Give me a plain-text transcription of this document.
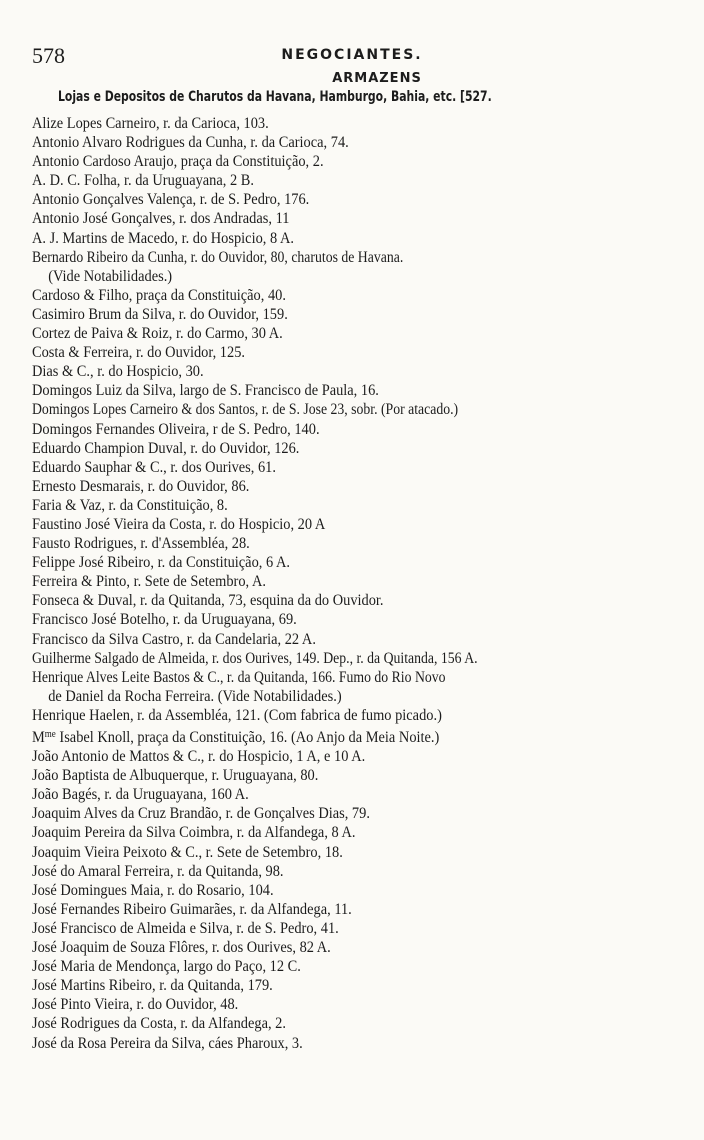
578	NEGOCIANTES.
ARMAZENS
Lojas e Depositos de Charutos da Havana, Hamburgo, Bahia, etc. [527.
Alize Lopes Carneiro, r. da Carioca, 103.
Antonio Alvaro Rodrigues da Cunha, r. da Carioca, 74.
Antonio Cardoso Araujo, praça da Constituição, 2.
A. D. C. Folha, r. da Uruguayana, 2 B.
Antonio Gonçalves Valença, r. de S. Pedro, 176.
Antonio José Gonçalves, r. dos Andradas, 11
A. J. Martins de Macedo, r. do Hospicio, 8 A.
Bernardo Ribeiro da Cunha, r. do Ouvidor, 80, charutos de Havana.
(Vide Notabilidades.)
Cardoso & Filho, praça da Constituição, 40.
Casimiro Brum da Silva, r. do Ouvidor, 159.
Cortez de Paiva & Roiz, r. do Carmo, 30 A.
Costa & Ferreira, r. do Ouvidor, 125.
Dias & C., r. do Hospicio, 30.
Domingos Luiz da Silva, largo de S. Francisco de Paula, 16.
Domingos Lopes Carneiro & dos Santos, r. de S. Jose 23, sobr. (Por atacado.)
Domingos Fernandes Oliveira, r de S. Pedro, 140.
Eduardo Champion Duval, r. do Ouvidor, 126.
Eduardo Sauphar & C., r. dos Ourives, 61.
Ernesto Desmarais, r. do Ouvidor, 86.
Faria & Vaz, r. da Constituição, 8.
Faustino José Vieira da Costa, r. do Hospicio, 20 A
Fausto Rodrigues, r. d'Assembléa, 28.
Felippe José Ribeiro, r. da Constituição, 6 A.
Ferreira & Pinto, r. Sete de Setembro, A.
Fonseca & Duval, r. da Quitanda, 73, esquina da do Ouvidor.
Francisco José Botelho, r. da Uruguayana, 69.
Francisco da Silva Castro, r. da Candelaria, 22 A.
Guilherme Salgado de Almeida, r. dos Ourives, 149. Dep., r. da Quitanda, 156 A.
Henrique Alves Leite Bastos & C., r. da Quitanda, 166. Fumo do Rio Novo
de Daniel da Rocha Ferreira. (Vide Notabilidades.)
Henrique Haelen, r. da Assembléa, 121. (Com fabrica de fumo picado.)
$M^{me}$ Isabel Knoll, praça da Constituição, 16. (Ao Anjo da Meia Noite.)
João Antonio de Mattos & C., r. do Hospicio, 1 A, e 10 A.
João Baptista de Albuquerque, r. Uruguayana, 80.
João Bagés, r. da Uruguayana, 160 A.
Joaquim Alves da Cruz Brandão, r. de Gonçalves Dias, 79.
Joaquim Pereira da Silva Coimbra, r. da Alfandega, 8 A.
Joaquim Vieira Peixoto & C., r. Sete de Setembro, 18.
José do Amaral Ferreira, r. da Quitanda, 98.
José Domingues Maia, r. do Rosario, 104.
José Fernandes Ribeiro Guimarães, r. da Alfandega, 11.
José Francisco de Almeida e Silva, r. de S. Pedro, 41.
José Joaquim de Souza Flôres, r. dos Ourives, 82 A.
José Maria de Mendonça, largo do Paço, 12 C.
José Martins Ribeiro, r. da Quitanda, 179.
José Pinto Vieira, r. do Ouvidor, 48.
José Rodrigues da Costa, r. da Alfandega, 2.
José da Rosa Pereira da Silva, cáes Pharoux, 3.
